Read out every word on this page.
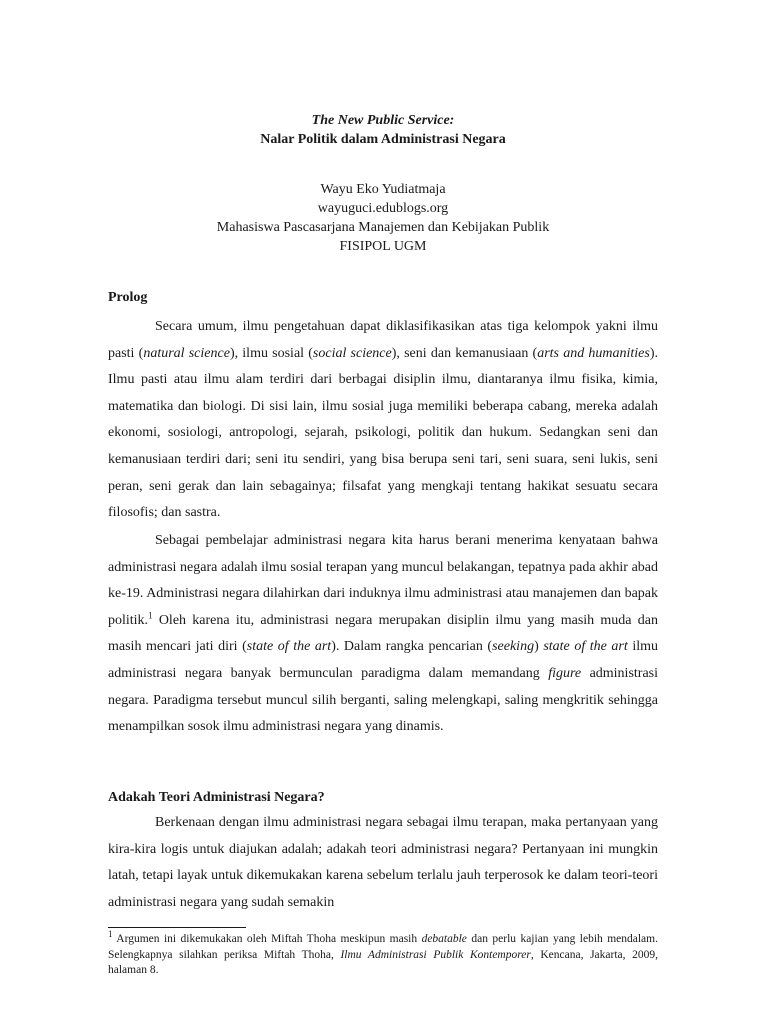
The New Public Service:
Nalar Politik dalam Administrasi Negara
Wayu Eko Yudiatmaja
wayuguci.edublogs.org
Mahasiswa Pascasarjana Manajemen dan Kebijakan Publik
FISIPOL UGM
Prolog

Secara umum, ilmu pengetahuan dapat diklasifikasikan atas tiga kelompok yakni ilmu pasti (natural science), ilmu sosial (social science), seni dan kemanusiaan (arts and humanities). Ilmu pasti atau ilmu alam terdiri dari berbagai disiplin ilmu, diantaranya ilmu fisika, kimia, matematika dan biologi. Di sisi lain, ilmu sosial juga memiliki beberapa cabang, mereka adalah ekonomi, sosiologi, antropologi, sejarah, psikologi, politik dan hukum. Sedangkan seni dan kemanusiaan terdiri dari; seni itu sendiri, yang bisa berupa seni tari, seni suara, seni lukis, seni peran, seni gerak dan lain sebagainya; filsafat yang mengkaji tentang hakikat sesuatu secara filosofis; dan sastra.

Sebagai pembelajar administrasi negara kita harus berani menerima kenyataan bahwa administrasi negara adalah ilmu sosial terapan yang muncul belakangan, tepatnya pada akhir abad ke-19. Administrasi negara dilahirkan dari induknya ilmu administrasi atau manajemen dan bapak politik.$^1$ Oleh karena itu, administrasi negara merupakan disiplin ilmu yang masih muda dan masih mencari jati diri (state of the art). Dalam rangka pencarian (seeking) state of the art ilmu administrasi negara banyak bermunculan paradigma dalam memandang figure administrasi negara. Paradigma tersebut muncul silih berganti, saling melengkapi, saling mengkritik sehingga menampilkan sosok ilmu administrasi negara yang dinamis.

Adakah Teori Administrasi Negara?

Berkenaan dengan ilmu administrasi negara sebagai ilmu terapan, maka pertanyaan yang kira-kira logis untuk diajukan adalah; adakah teori administrasi negara? Pertanyaan ini mungkin latah, tetapi layak untuk dikemukakan karena sebelum terlalu jauh terperosok ke dalam teori-teori administrasi negara yang sudah semakin

$^1$ Argumen ini dikemukakan oleh Miftah Thoha meskipun masih debatable dan perlu kajian yang lebih mendalam. Selengkapnya silahkan periksa Miftah Thoha, Ilmu Administrasi Publik Kontemporer, Kencana, Jakarta, 2009, halaman 8.
